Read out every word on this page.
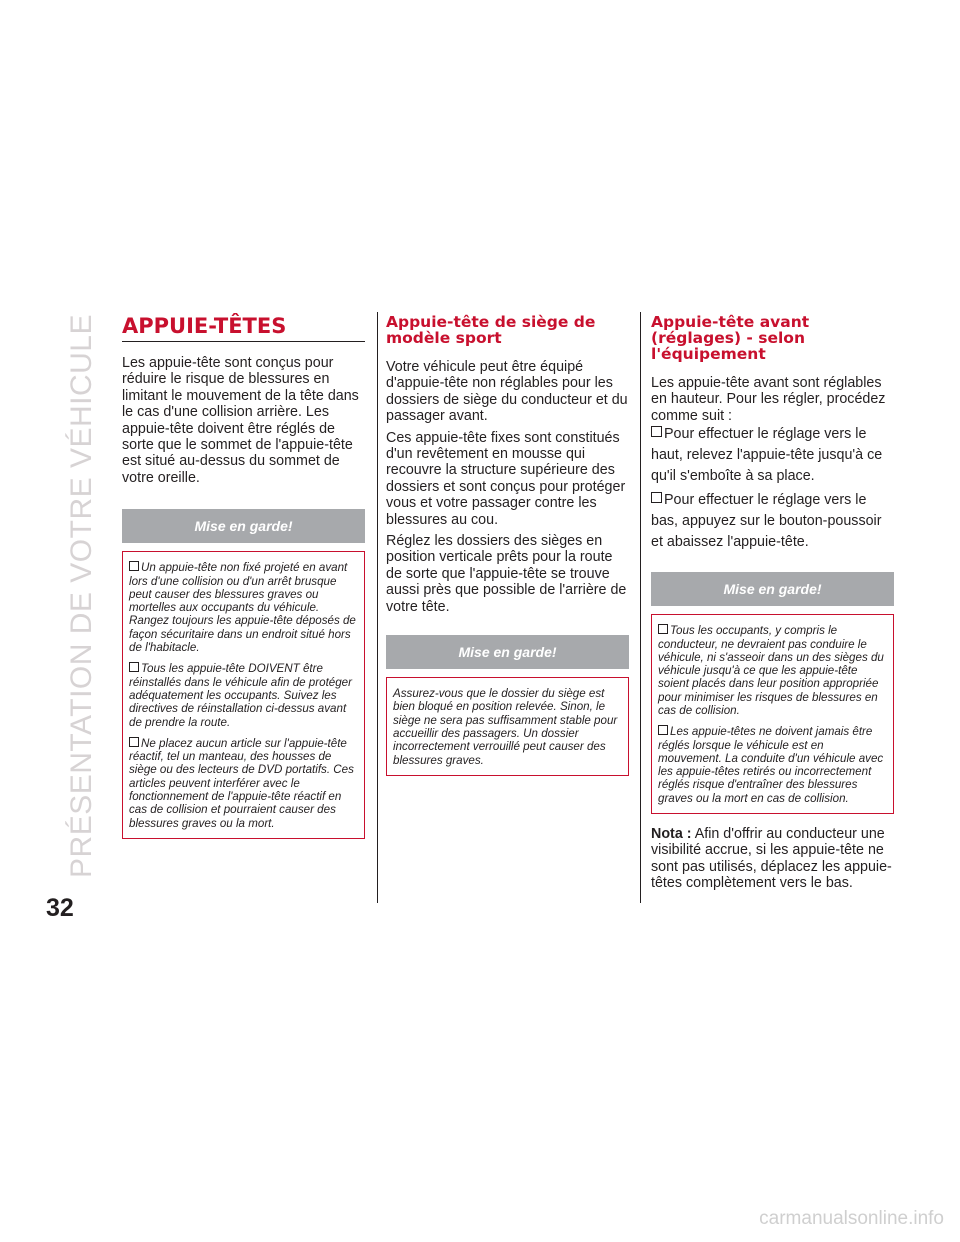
PRÉSENTATION DE VOTRE VÉHICULE
32
APPUIE-TÊTES

Les appuie-tête sont conçus pour réduire le risque de blessures en limitant le mouvement de la tête dans le cas d'une collision arrière. Les appuie-tête doivent être réglés de sorte que le sommet de l'appuie-tête est situé au-dessus du sommet de votre oreille.

Mise en garde!

Un appuie-tête non fixé projeté en avant lors d'une collision ou d'un arrêt brusque peut causer des blessures graves ou mortelles aux occupants du véhicule. Rangez toujours les appuie-tête déposés de façon sécuritaire dans un endroit situé hors de l'habitacle.

Tous les appuie-tête DOIVENT être réinstallés dans le véhicule afin de protéger adéquatement les occupants. Suivez les directives de réinstallation ci-dessus avant de prendre la route.

Ne placez aucun article sur l'appuie-tête réactif, tel un manteau, des housses de siège ou des lecteurs de DVD portatifs. Ces articles peuvent interférer avec le fonctionnement de l'appuie-tête réactif en cas de collision et pourraient causer des blessures graves ou la mort.

Appuie-tête de siège de modèle sport

Votre véhicule peut être équipé d'appuie-tête non réglables pour les dossiers de siège du conducteur et du passager avant.

Ces appuie-tête fixes sont constitués d'un revêtement en mousse qui recouvre la structure supérieure des dossiers et sont conçus pour protéger vous et votre passager contre les blessures au cou.

Réglez les dossiers des sièges en position verticale prêts pour la route de sorte que l'appuie-tête se trouve aussi près que possible de l'arrière de votre tête.

Mise en garde!

Assurez-vous que le dossier du siège est bien bloqué en position relevée. Sinon, le siège ne sera pas suffisamment stable pour accueillir des passagers. Un dossier incorrectement verrouillé peut causer des blessures graves.

Appuie-tête avant (réglages) - selon l'équipement

Les appuie-tête avant sont réglables en hauteur. Pour les régler, procédez comme suit :

Pour effectuer le réglage vers le haut, relevez l'appuie-tête jusqu'à ce qu'il s'emboîte à sa place.

Pour effectuer le réglage vers le bas, appuyez sur le bouton-poussoir et abaissez l'appuie-tête.

Mise en garde!

Tous les occupants, y compris le conducteur, ne devraient pas conduire le véhicule, ni s'asseoir dans un des sièges du véhicule jusqu'à ce que les appuie-tête soient placés dans leur position appropriée pour minimiser les risques de blessures en cas de collision.

Les appuie-têtes ne doivent jamais être réglés lorsque le véhicule est en mouvement. La conduite d'un véhicule avec les appuie-têtes retirés ou incorrectement réglés risque d'entraîner des blessures graves ou la mort en cas de collision.

Nota : Afin d'offrir au conducteur une visibilité accrue, si les appuie-tête ne sont pas utilisés, déplacez les appuie-têtes complètement vers le bas.

carmanualsonline.info
